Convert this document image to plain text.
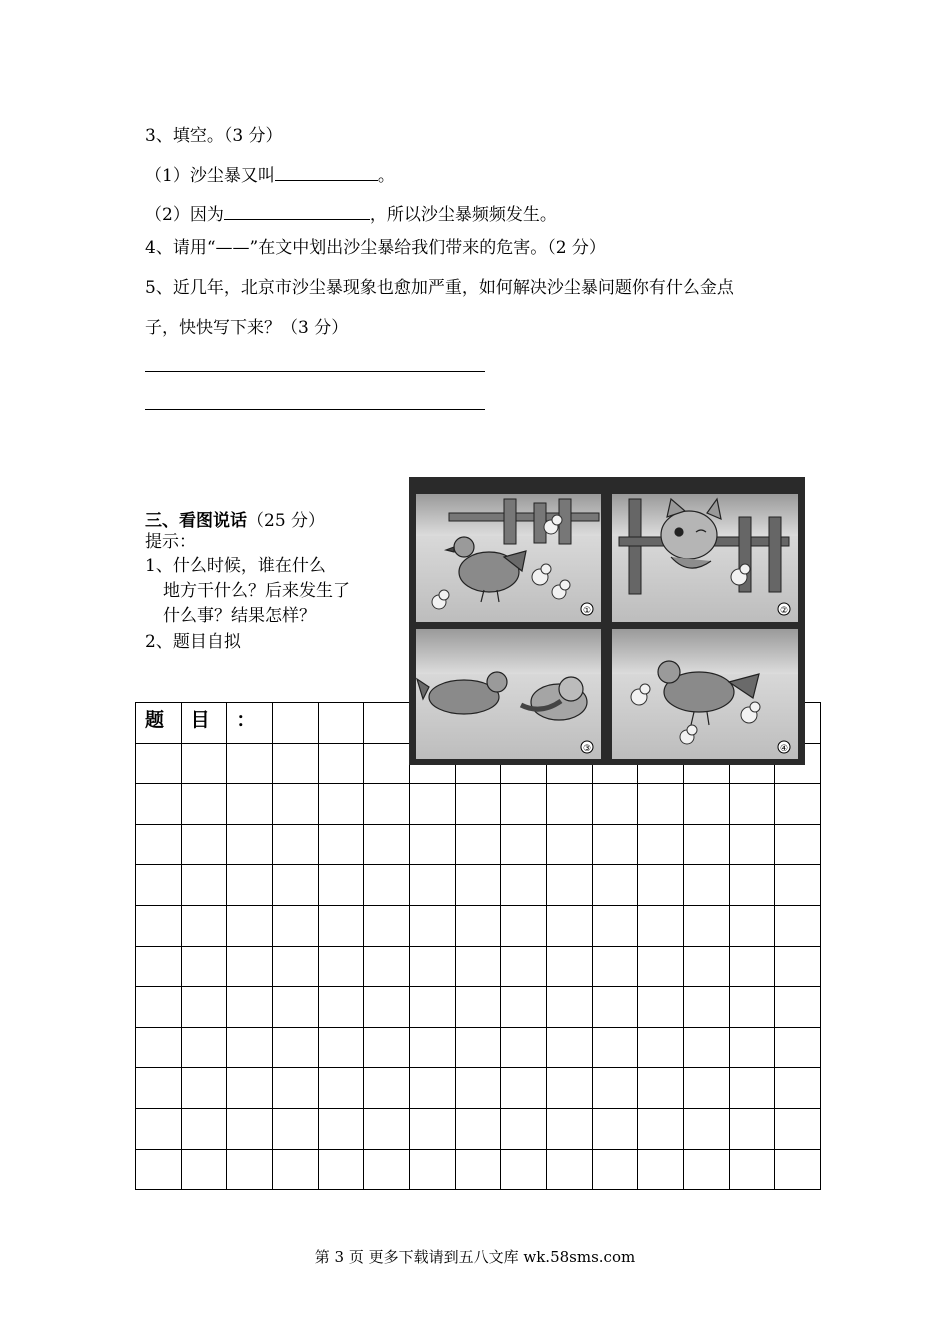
3、填空。（3 分）
（1）沙尘暴又叫	。
（2）因为	，所以沙尘暴频频发生。
4、请用“——”在文中划出沙尘暴给我们带来的危害。（2 分）
5、近几年，北京市沙尘暴现象也愈加严重，如何解决沙尘暴问题你有什么金点
子，快快写下来？（3 分）
三、看图说话（25 分）
提示：
1、什么时候，谁在什么
地方干什么？后来发生了
什么事？结果怎样？
2、题目自拟
题 目 ：
①	②
③	④
第 3 页 更多下载请到五八文库 wk.58sms.com
